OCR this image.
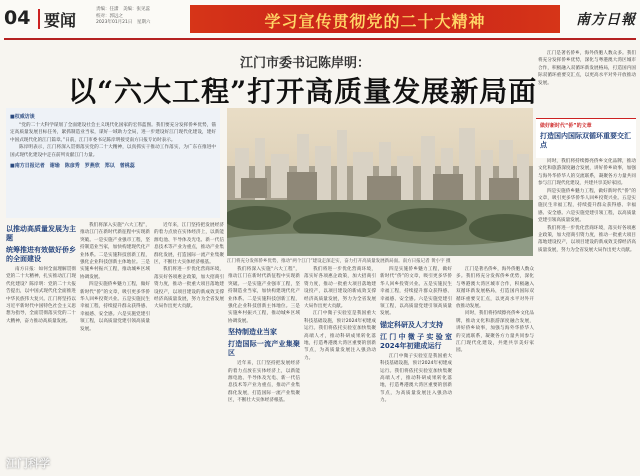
04 要闻
责编：任潇　美编：张见蕊
校对：郭远之
2023年01月21日　星期六	学习宣传贯彻党的二十大精神	南方日報
江门市委书记陈岸明：
以“六大工程”打开高质量发展新局面
■权威访谈

“党的二十大科学谋划了全面建设社会主义现代化国家的宏伟蓝图。我们要充分发挥侨乡优势，锚定高质量发展目标任务，紧抓制造业当家，谋好一域助力全局，进一步建设好江门现代化建设，建好中国式现代化的江门篇章。”日前，江门市委书记陈岸明接受南方日报专访时表示。

陈岸明表示，江门将深入贯彻落实党的二十大精神，以真抓实干推动工作落实，为广东在推进中国式现代化建设中走在前列贡献江门力量。

■南方日报记者　谢瑜　陈彦秀　罗燕欣　郑以　曾桃蕊
江门将充分发挥侨乡优势，推动“两个江门”建设走深走实，奋力打开高质量发展新局面。南方日报记者 黄小宇 摄

江门是著名侨乡，海外侨胞人数众多。我们将充分发挥侨乡优势，深化与粤港澳大湾区城市合作，积极融入双循环新发展格局，打造国内国际双循环重要交汇点，以更高水平对外开放推动发展。

做好新时代“侨”的文章
打造国内国际双循环重要交汇点

同时，我们将持续擦亮侨乡文化品牌，推动文化和旅游深度融合发展，讲好侨乡故事，加强与海外华侨华人的交流联系，凝聚各方力量共同参与江门现代化建设，共建共享美好家园。

四是实施侨乡魅力工程，做好新时代“侨”的文章，吸引更多华侨华人回乡投资兴业。五是实施民生幸福工程，持续提升群众获得感、幸福感、安全感。六是实施党建引领工程，以高质量党建引领高质量发展。

我们将进一步优化营商环境，落实好各项惠企政策，加大招商引资力度，推动一批重大项目落地建设投产，以项目建设的新成效支撑经济高质量发展，努力为全省发展大局作出更大贡献。

以推动高质量发展为主题
统筹推进有效做好侨乡的全面建设

南方日报：如何全面理解贯彻党的二十大精神，扎实推动江门现代化建设？陈岸明：党的二十大报告提出，以中国式现代化全面推进中华民族伟大复兴。江门将坚持以习近平新时代中国特色社会主义思想为指导，全面贯彻落实党的二十大精神，奋力推动高质量发展。

我们将深入实施“六大工程”，推动江门在新时代新征程中实现新突破。一是实施产业强市工程，坚持制造业当家，加快构建现代化产业体系。二是实施科技创新工程，强化企业科技创新主体地位。三是实施乡村振兴工程，推动城乡区域协调发展。

四是实施侨乡魅力工程，做好新时代“侨”的文章，吸引更多华侨华人回乡投资兴业。五是实施民生幸福工程，持续提升群众获得感、幸福感、安全感。六是实施党建引领工程，以高质量党建引领高质量发展。

近年来，江门坚持把发展经济的着力点放在实体经济上，以新能源电池、半导体及光电、新一代信息技术等产业为重点，推动产业集群化发展，打造国际一流产业集聚区，不断壮大实体经济根基。

我们将进一步优化营商环境，落实好各项惠企政策，加大招商引资力度，推动一批重大项目落地建设投产，以项目建设的新成效支撑经济高质量发展，努力为全省发展大局作出更大贡献。

我们将深入实施“六大工程”，推动江门在新时代新征程中实现新突破。一是实施产业强市工程，坚持制造业当家，加快构建现代化产业体系。二是实施科技创新工程，强化企业科技创新主体地位。三是实施乡村振兴工程，推动城乡区域协调发展。

坚持制造业当家
打造国际一流产业集聚区

近年来，江门坚持把发展经济的着力点放在实体经济上，以新能源电池、半导体及光电、新一代信息技术等产业为重点，推动产业集群化发展，打造国际一流产业集聚区，不断壮大实体经济根基。

我们将进一步优化营商环境，落实好各项惠企政策，加大招商引资力度，推动一批重大项目落地建设投产，以项目建设的新成效支撑经济高质量发展，努力为全省发展大局作出更大贡献。

江门中微子实验室是我国重大科技基础设施，预计2024年初建成运行。我们将依托实验室加快集聚高端人才，推动科研成果转化落地，打造粤港澳大湾区重要的创新节点，为高质量发展注入强劲动力。

四是实施侨乡魅力工程，做好新时代“侨”的文章，吸引更多华侨华人回乡投资兴业。五是实施民生幸福工程，持续提升群众获得感、幸福感、安全感。六是实施党建引领工程，以高质量党建引领高质量发展。

锚定科研及人才支持
江门中微子实验室2024年初建成运行

江门中微子实验室是我国重大科技基础设施，预计2024年初建成运行。我们将依托实验室加快集聚高端人才，推动科研成果转化落地，打造粤港澳大湾区重要的创新节点，为高质量发展注入强劲动力。

江门是著名侨乡，海外侨胞人数众多。我们将充分发挥侨乡优势，深化与粤港澳大湾区城市合作，积极融入双循环新发展格局，打造国内国际双循环重要交汇点，以更高水平对外开放推动发展。

同时，我们将持续擦亮侨乡文化品牌，推动文化和旅游深度融合发展，讲好侨乡故事，加强与海外华侨华人的交流联系，凝聚各方力量共同参与江门现代化建设，共建共享美好家园。

江门科学
